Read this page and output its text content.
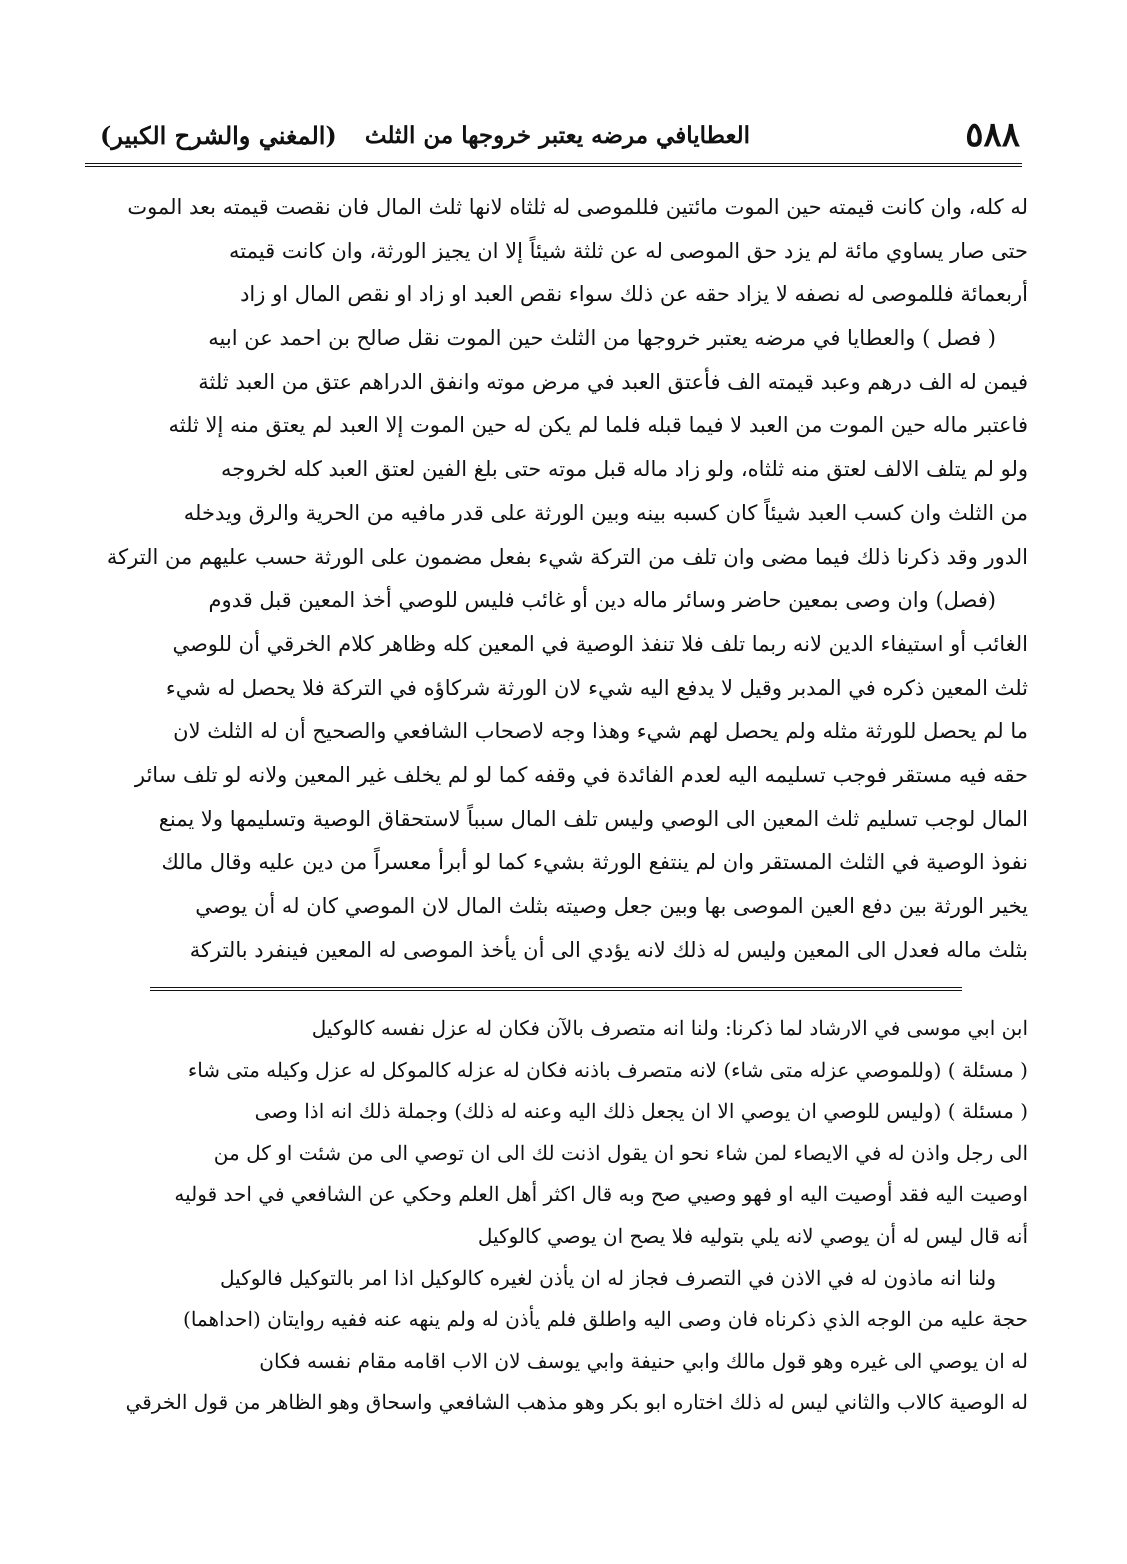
٥٨٨
العطايافي مرضه يعتبر خروجها من الثلث
(المغني والشرح الكبير)

له كله، وان كانت قيمته حين الموت مائتين فللموصى له ثلثاه لانها ثلث المال فان نقصت قيمته بعد الموت

حتى صار يساوي مائة لم يزد حق الموصى له عن ثلثة شيئاً إلا ان يجيز الورثة، وان كانت قيمته

أربعمائة فللموصى له نصفه لا يزاد حقه عن ذلك سواء نقص العبد او زاد او نقص المال او زاد

( فصل ) والعطايا في مرضه يعتبر خروجها من الثلث حين الموت نقل صالح بن احمد عن ابيه

فيمن له الف درهم وعبد قيمته الف فأعتق العبد في مرض موته وانفق الدراهم عتق من العبد ثلثة

فاعتبر ماله حين الموت من العبد لا فيما قبله فلما لم يكن له حين الموت إلا العبد لم يعتق منه إلا ثلثه

ولو لم يتلف الالف لعتق منه ثلثاه، ولو زاد ماله قبل موته حتى بلغ الفين لعتق العبد كله لخروجه

من الثلث وان كسب العبد شيئاً كان كسبه بينه وبين الورثة على قدر مافيه من الحرية والرق ويدخله

الدور وقد ذكرنا ذلك فيما مضى وان تلف من التركة شيء بفعل مضمون على الورثة حسب عليهم من التركة

(فصل) وان وصى بمعين حاضر وسائر ماله دين أو غائب فليس للوصي أخذ المعين قبل قدوم

الغائب أو استيفاء الدين لانه ربما تلف فلا تنفذ الوصية في المعين كله وظاهر كلام الخرقي أن للوصي

ثلث المعين ذكره في المدبر وقيل لا يدفع اليه شيء لان الورثة شركاؤه في التركة فلا يحصل له شيء

ما لم يحصل للورثة مثله ولم يحصل لهم شيء وهذا وجه لاصحاب الشافعي والصحيح أن له الثلث لان

حقه فيه مستقر فوجب تسليمه اليه لعدم الفائدة في وقفه كما لو لم يخلف غير المعين ولانه لو تلف سائر

المال لوجب تسليم ثلث المعين الى الوصي وليس تلف المال سبباً لاستحقاق الوصية وتسليمها ولا يمنع

نفوذ الوصية في الثلث المستقر وان لم ينتفع الورثة بشيء كما لو أبرأ معسراً من دين عليه وقال مالك

يخير الورثة بين دفع العين الموصى بها وبين جعل وصيته بثلث المال لان الموصي كان له أن يوصي

بثلث ماله فعدل الى المعين وليس له ذلك لانه يؤدي الى أن يأخذ الموصى له المعين فينفرد بالتركة

ابن ابي موسى في الارشاد لما ذكرنا: ولنا انه متصرف بالآن فكان له عزل نفسه كالوكيل

( مسئلة ) (وللموصي عزله متى شاء) لانه متصرف باذنه فكان له عزله كالموكل له عزل وكيله متى شاء

( مسئلة ) (وليس للوصي ان يوصي الا ان يجعل ذلك اليه وعنه له ذلك) وجملة ذلك انه اذا وصى

الى رجل واذن له في الايصاء لمن شاء نحو ان يقول اذنت لك الى ان توصي الى من شئت او كل من

اوصيت اليه فقد أوصيت اليه او فهو وصيي صح وبه قال اكثر أهل العلم وحكي عن الشافعي في احد قوليه

أنه قال ليس له أن يوصي لانه يلي بتوليه فلا يصح ان يوصي كالوكيل

ولنا انه ماذون له في الاذن في التصرف فجاز له ان يأذن لغيره كالوكيل اذا امر بالتوكيل فالوكيل

حجة عليه من الوجه الذي ذكرناه فان وصى اليه واطلق فلم يأذن له ولم ينهه عنه ففيه روايتان (احداهما)

له ان يوصي الى غيره وهو قول مالك وابي حنيفة وابي يوسف لان الاب اقامه مقام نفسه فكان

له الوصية كالاب والثاني ليس له ذلك اختاره ابو بكر وهو مذهب الشافعي واسحاق وهو الظاهر من قول الخرقي
